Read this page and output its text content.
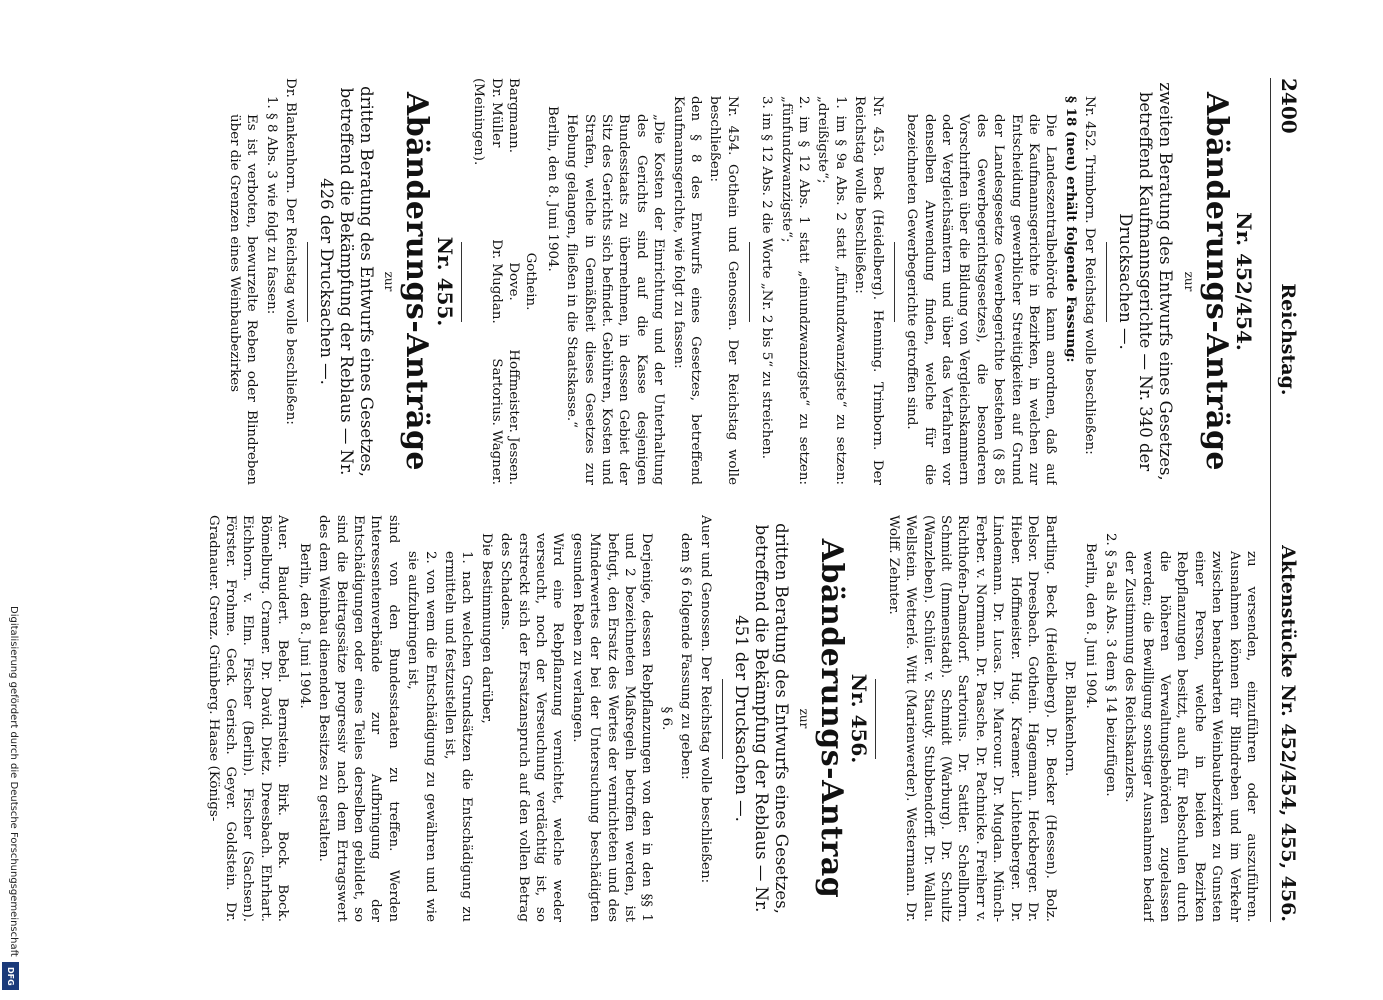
Digitalisierung gefördert durch die Deutsche Forschungsgemeinschaft
DFG
2400
Reichstag.
Aktenstücke Nr. 452/454, 455, 456.
Nr. 452/454.
Abänderungs-Anträge
zur
zweiten Beratung des Entwurfs eines Gesetzes, betreffend Kaufmannsgerichte — Nr. 340 der Drucksachen —.

Nr. 452. Trimborn. Der Reichstag wolle beschließen:

§ 18 (neu) erhält folgende Fassung:

Die Landeszentralbehörde kann anordnen, daß auf die Kaufmannsgerichte in Bezirken, in welchen zur Entscheidung gewerblicher Streitigkeiten auf Grund der Landesgesetze Gewerbegerichte bestehen (§ 85 des Gewerbegerichtsgesetzes), die besonderen Vorschriften über die Bildung von Vergleichskammern oder Vergleichsämtern und über das Verfahren vor denselben Anwendung finden, welche für die bezeichneten Gewerbegerichte getroffen sind.

Nr. 453. Beck (Heidelberg). Henning. Trimborn. Der Reichstag wolle beschließen:

1. im § 9a Abs. 2 statt „fünfundzwanzigste“ zu setzen: „dreißigste“;

2. im § 12 Abs. 1 statt „einundzwanzigste“ zu setzen: „fünfundzwanzigste“;

3. im § 12 Abs. 2 die Worte „Nr. 2 bis 5“ zu streichen.

Nr. 454. Gothein und Genossen. Der Reichstag wolle beschließen:

den § 8 des Entwurfs eines Gesetzes, betreffend Kaufmannsgerichte, wie folgt zu fassen:

„Die Kosten der Einrichtung und der Unterhaltung des Gerichts sind auf die Kasse desjenigen Bundesstaats zu übernehmen, in dessen Gebiet der Sitz des Gerichts sich befindet. Gebühren, Kosten und Strafen, welche in Gemäßheit dieses Gesetzes zur Hebung gelangen, fließen in die Staatskasse.“

Berlin, den 8. Juni 1904.

Gothein.
Bargmann.
Dove.
Hoffmeister. Jessen.
Dr. Müller (Meiningen).
Dr. Mugdan.
Sartorius. Wagner.
Nr. 455.
Abänderungs-Anträge
zur
dritten Beratung des Entwurfs eines Gesetzes, betreffend die Bekämpfung der Reblaus — Nr. 426 der Drucksachen —.

Dr. Blankenhorn. Der Reichstag wolle beschließen:

1. § 8 Abs. 3 wie folgt zu fassen:

Es ist verboten, bewurzelte Reben oder Blindreben über die Grenzen eines Weinbaubezirkes

zu versenden, einzuführen oder auszuführen. Ausnahmen können für Blindreben und im Verkehr zwischen benachbarten Weinbaubezirken zu Gunsten einer Person, welche in beiden Bezirken Rebpflanzungen besitzt, auch für Rebschulen durch die höheren Verwaltungsbehörden zugelassen werden; die Bewilligung sonstiger Ausnahmen bedarf der Zustimmung des Reichskanzlers.

2. § 5a als Abs. 3 dem § 14 beizufügen.

Berlin, den 8. Juni 1904.

Dr. Blankenhorn.

Bartling. Beck (Heidelberg). Dr. Becker (Hessen). Bolz. Delsor. Dreesbach. Gothein. Hagemann. Heckberger. Dr. Hieber. Hoffmeister. Hug. Kraemer. Lichtenberger. Dr. Lindemann. Dr. Lucas. Dr. Marcour. Dr. Mugdan. Münch-Ferber. v. Normann. Dr. Paasche. Dr. Pachnicke. Freiherr v. Richthofen-Damsdorf. Sartorius. Dr. Sattler. Schellhorn. Schmidt (Immenstadt). Schmidt (Warburg). Dr. Schultz (Wanzleben). Schüler. v. Staudy. Stubbendorff. Dr. Wallau. Wellstein. Wetterlé. Witt (Marienwerder). Westermann. Dr. Wolff. Zehnter.

Nr. 456.
Abänderungs-Antrag
zur
dritten Beratung des Entwurfs eines Gesetzes, betreffend die Bekämpfung der Reblaus — Nr. 451 der Drucksachen —.

Auer und Genossen. Der Reichstag wolle beschließen:

dem § 6 folgende Fassung zu geben:

§ 6.

Derjenige, dessen Rebpflanzungen von den in den §§ 1 und 2 bezeichneten Maßregeln betroffen werden, ist befugt, den Ersatz des Wertes der vernichteten und des Minderwertes der bei der Untersuchung beschädigten gesunden Reben zu verlangen.

Wird eine Rebpflanzung vernichtet, welche weder verseucht, noch der Verseuchung verdächtig ist, so erstreckt sich der Ersatzanspruch auf den vollen Betrag des Schadens.

Die Bestimmungen darüber,

1. nach welchen Grundsätzen die Entschädigung zu ermitteln und festzustellen ist,

2. von wem die Entschädigung zu gewähren und wie sie aufzubringen ist,

sind von den Bundesstaaten zu treffen. Werden Interessentenverbände zur Aufbringung der Entschädigungen oder eines Teiles derselben gebildet, so sind die Beitragssätze progressiv nach dem Ertragswert des dem Weinbau dienenden Besitzes zu gestalten.

Berlin, den 8. Juni 1904.

Auer. Baudert. Bebel. Bernstein. Birk. Bock. Bock. Bömelburg. Cramer. Dr. David. Dietz. Dreesbach. Ehrhart. Eichhorn. v. Elm. Fischer (Berlin). Fischer (Sachsen). Förster. Frohme. Geck. Gerisch. Geyer. Goldstein. Dr. Gradnauer. Grenz. Grünberg. Haase (Königs-
